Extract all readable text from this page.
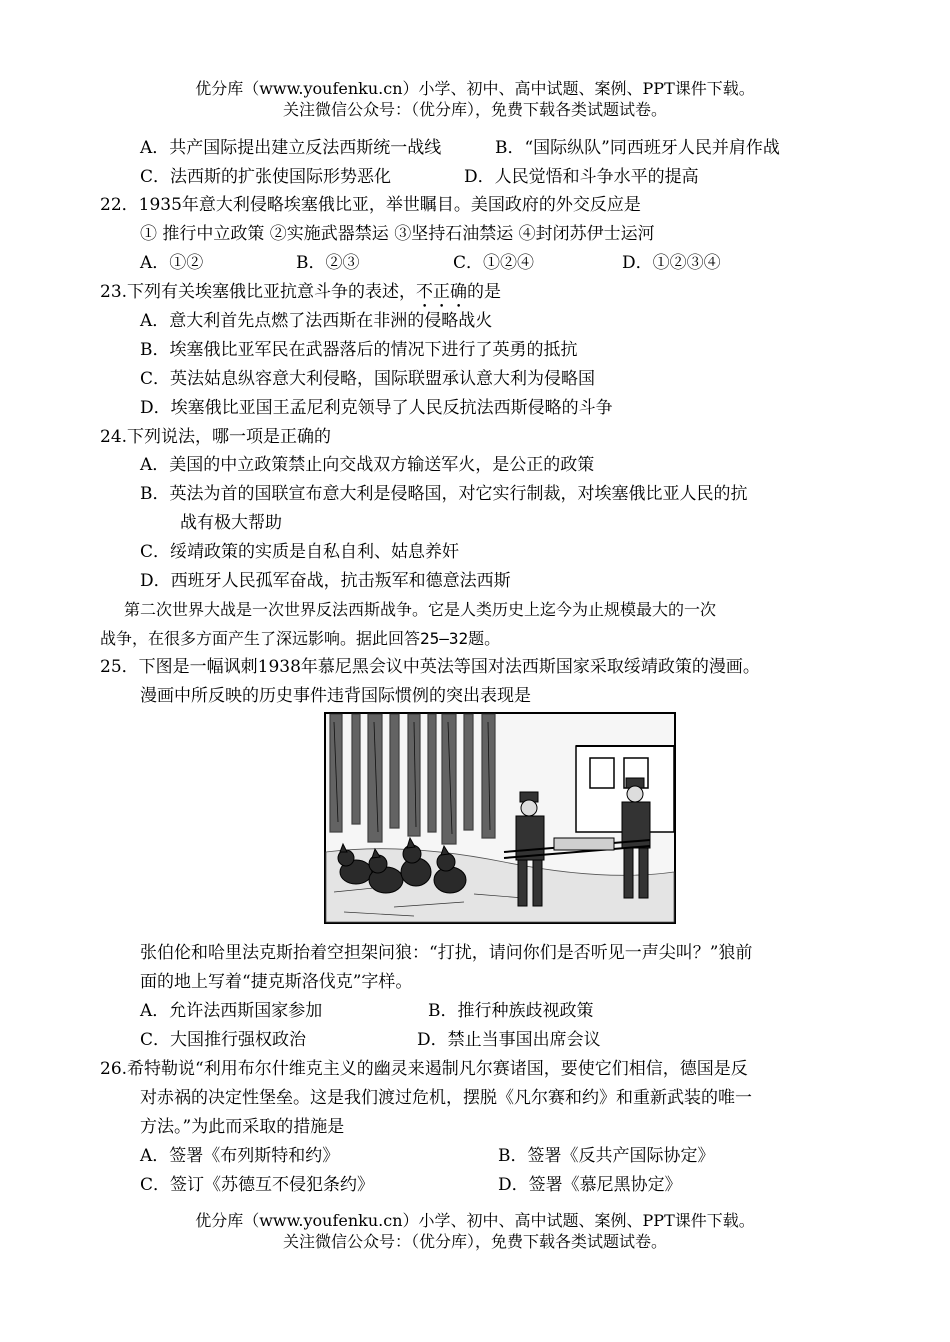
优分库（www.youfenku.cn）小学、初中、高中试题、案例、PPT课件下载。
关注微信公众号：（优分库），免费下载各类试题试卷。
A．共产国际提出建立反法西斯统一战线	B．“国际纵队”同西班牙人民并肩作战
C．法西斯的扩张使国际形势恶化	D．人民觉悟和斗争水平的提高
22．1935年意大利侵略埃塞俄比亚，举世瞩目。美国政府的外交反应是
① 推行中立政策 ②实施武器禁运 ③坚持石油禁运 ④封闭苏伊士运河
A．①②	B．②③	C．①②④	D．①②③④
23.下列有关埃塞俄比亚抗意斗争的表述，不正确的是
A．意大利首先点燃了法西斯在非洲的侵略战火
B．埃塞俄比亚军民在武器落后的情况下进行了英勇的抵抗
C．英法姑息纵容意大利侵略，国际联盟承认意大利为侵略国
D．埃塞俄比亚国王孟尼利克领导了人民反抗法西斯侵略的斗争
24.下列说法，哪一项是正确的
A．美国的中立政策禁止向交战双方输送军火，是公正的政策
B．英法为首的国联宣布意大利是侵略国，对它实行制裁，对埃塞俄比亚人民的抗
战有极大帮助
C．绥靖政策的实质是自私自利、姑息养奸
D．西班牙人民孤军奋战，抗击叛军和德意法西斯
第二次世界大战是一次世界反法西斯战争。它是人类历史上迄今为止规模最大的一次
战争，在很多方面产生了深远影响。据此回答25—32题。
25．下图是一幅讽刺1938年慕尼黑会议中英法等国对法西斯国家采取绥靖政策的漫画。
漫画中所反映的历史事件违背国际惯例的突出表现是
张伯伦和哈里法克斯抬着空担架问狼：“打扰，请问你们是否听见一声尖叫？”狼前
面的地上写着“捷克斯洛伐克”字样。
A．允许法西斯国家参加	B．推行种族歧视政策
C．大国推行强权政治	D．禁止当事国出席会议
26.希特勒说“利用布尔什维克主义的幽灵来遏制凡尔赛诸国，要使它们相信，德国是反
对赤祸的决定性堡垒。这是我们渡过危机，摆脱《凡尔赛和约》和重新武装的唯一
方法。”为此而采取的措施是
A．签署《布列斯特和约》	B．签署《反共产国际协定》
C．签订《苏德互不侵犯条约》	D．签署《慕尼黑协定》
优分库（www.youfenku.cn）小学、初中、高中试题、案例、PPT课件下载。
关注微信公众号：（优分库），免费下载各类试题试卷。
